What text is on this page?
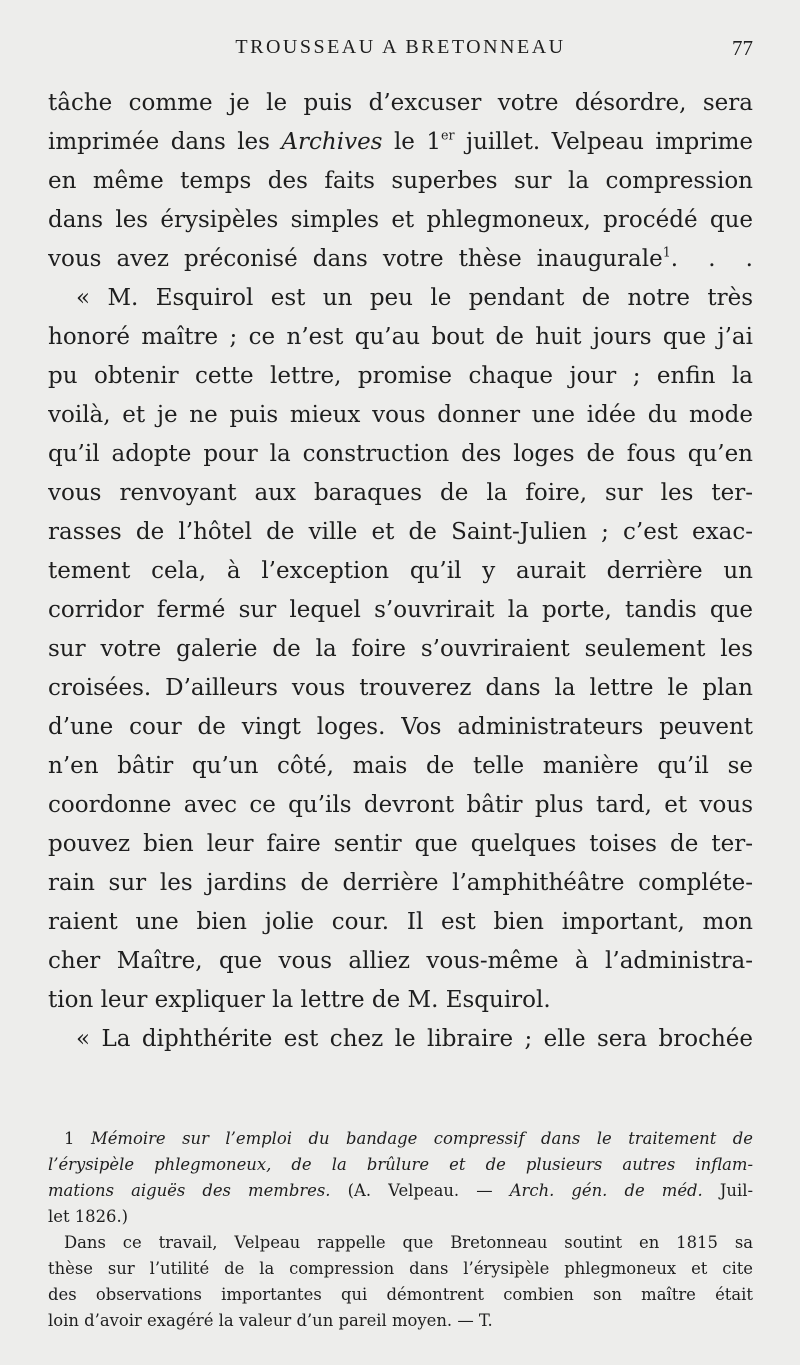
TROUSSEAU A BRETONNEAU	77
tâche comme je le puis d’excuser votre désordre, sera
imprimée dans les Archives le 1er juillet. Velpeau imprime
en même temps des faits superbes sur la compression
dans les érysipèles simples et phlegmoneux, procédé que
vous avez préconisé dans votre thèse inaugurale$^1$.  .  .
« M. Esquirol est un peu le pendant de notre très
honoré maître ; ce n’est qu’au bout de huit jours que j’ai
pu obtenir cette lettre, promise chaque jour ; enfin la
voilà, et je ne puis mieux vous donner une idée du mode
qu’il adopte pour la construction des loges de fous qu’en
vous renvoyant aux baraques de la foire, sur les ter-
rasses de l’hôtel de ville et de Saint-Julien ; c’est exac-
tement cela, à l’exception qu’il y aurait derrière un
corridor fermé sur lequel s’ouvrirait la porte, tandis que
sur votre galerie de la foire s’ouvriraient seulement les
croisées. D’ailleurs vous trouverez dans la lettre le plan
d’une cour de vingt loges. Vos administrateurs peuvent
n’en bâtir qu’un côté, mais de telle manière qu’il se
coordonne avec ce qu’ils devront bâtir plus tard, et vous
pouvez bien leur faire sentir que quelques toises de ter-
rain sur les jardins de derrière l’amphithéâtre compléte-
raient une bien jolie cour. Il est bien important, mon
cher Maître, que vous alliez vous-même à l’administra-
tion leur expliquer la lettre de M. Esquirol.
« La diphthérite est chez le libraire ; elle sera brochée
1 Mémoire sur l’emploi du bandage compressif dans le traitement de
l’érysipèle phlegmoneux, de la brûlure et de plusieurs autres inflam-
mations aiguës des membres. (A. Velpeau. — Arch. gén. de méd. Juil-
let 1826.)
Dans ce travail, Velpeau rappelle que Bretonneau soutint en 1815 sa
thèse sur l’utilité de la compression dans l’érysipèle phlegmoneux et cite
des observations importantes qui démontrent combien son maître était
loin d’avoir exagéré la valeur d’un pareil moyen. — T.
